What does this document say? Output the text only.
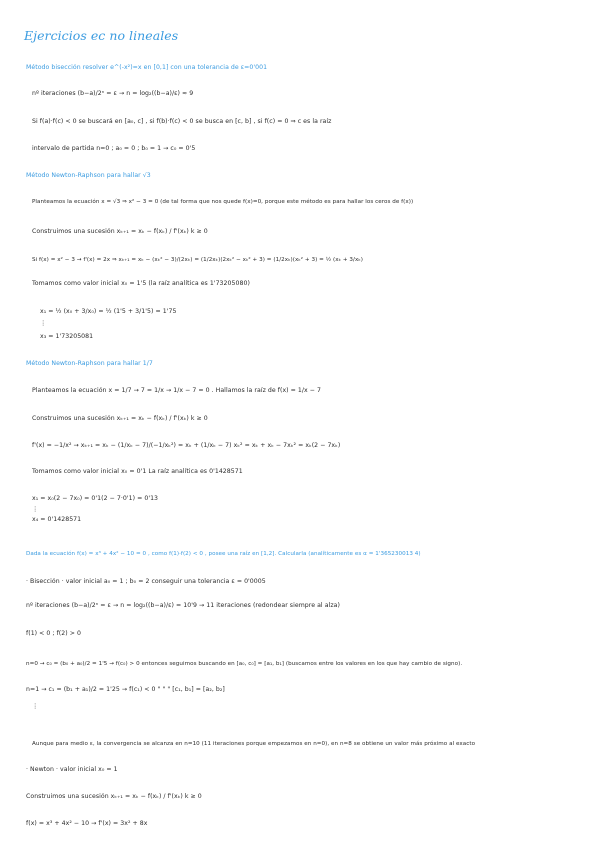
Ejercicios ec no lineales
Método bisección resolver e^(-x²)=x en [0,1] con una tolerancia de ε=0'001
nº iteraciones (b−a)/2ⁿ = ε → n = log₂((b−a)/ε) ≈ 9
Si f(a)·f(c) < 0 se buscará en [a₀, c] , si f(b)·f(c) < 0 se busca en [c, b] , si f(c) = 0 ⇒ c es la raíz
intervalo de partida n=0 ; a₀ = 0 ; b₀ = 1 → c₀ = 0'5
Método Newton-Raphson para hallar √3
Planteamos la ecuación x = √3 ⇒ x² − 3 = 0 (de tal forma que nos quede f(x)=0, porque este método es para hallar los ceros de f(x))
Construimos una sucesión xₖ₊₁ = xₖ − f(xₖ) / f'(xₖ) k ≥ 0
Si f(x) = x² − 3 → f'(x) = 2x ⇒ xₖ₊₁ = xₖ − (xₖ² − 3)/(2xₖ) = (1/2xₖ)(2xₖ² − xₖ² + 3) = (1/2xₖ)(xₖ² + 3) = ½ (xₖ + 3/xₖ)
Tomamos como valor inicial x₀ = 1'5 (la raíz analítica es 1'73205080)
x₁ = ½ (x₀ + 3/x₀) = ½ (1'5 + 3/1'5) = 1'75
⋮
x₃ = 1'73205081
Método Newton-Raphson para hallar 1/7
Planteamos la ecuación x = 1/7 → 7 = 1/x → 1/x − 7 = 0 . Hallamos la raíz de f(x) = 1/x − 7
Construimos una sucesión xₖ₊₁ = xₖ − f(xₖ) / f'(xₖ) k ≥ 0
f'(x) = −1/x² → xₖ₊₁ = xₖ − (1/xₖ − 7)/(−1/xₖ²) = xₖ + (1/xₖ − 7) xₖ² = xₖ + xₖ − 7xₖ² = xₖ(2 − 7xₖ)
Tomamos como valor inicial x₀ = 0'1 La raíz analítica es 0'1428571
x₁ = x₀(2 − 7x₀) = 0'1(2 − 7·0'1) = 0'13
⋮
x₄ = 0'1428571
Dada la ecuación f(x) = x³ + 4x² − 10 = 0 , como f(1)·f(2) < 0 , posee una raíz en [1,2]. Calcularla (analíticamente es α = 1'365230013 4)
· Bisección · valor inicial a₀ = 1 ; b₀ = 2 conseguir una tolerancia ε = 0'0005
nº iteraciones (b−a)/2ⁿ = ε → n = log₂((b−a)/ε) = 10'9 → 11 iteraciones (redondear siempre al alza)
f(1) < 0 ; f(2) > 0
n=0 → c₀ = (b₀ + a₀)/2 = 1'5 → f(c₀) > 0 entonces seguimos buscando en [a₀, c₀] = [a₁, b₁] (buscamos entre los valores en los que hay cambio de signo).
n=1 → c₁ = (b₁ + a₁)/2 = 1'25 → f(c₁) < 0 " " " [c₁, b₁] = [a₂, b₂]
⋮
Aunque para medio ε, la convergencia se alcanza en n=10 (11 iteraciones porque empezamos en n=0), en n=8 se obtiene un valor más próximo al exacto
· Newton · valor inicial x₀ = 1
Construimos una sucesión xₖ₊₁ = xₖ − f(xₖ) / f'(xₖ) k ≥ 0
f(x) = x³ + 4x² − 10 → f'(x) = 3x² + 8x
